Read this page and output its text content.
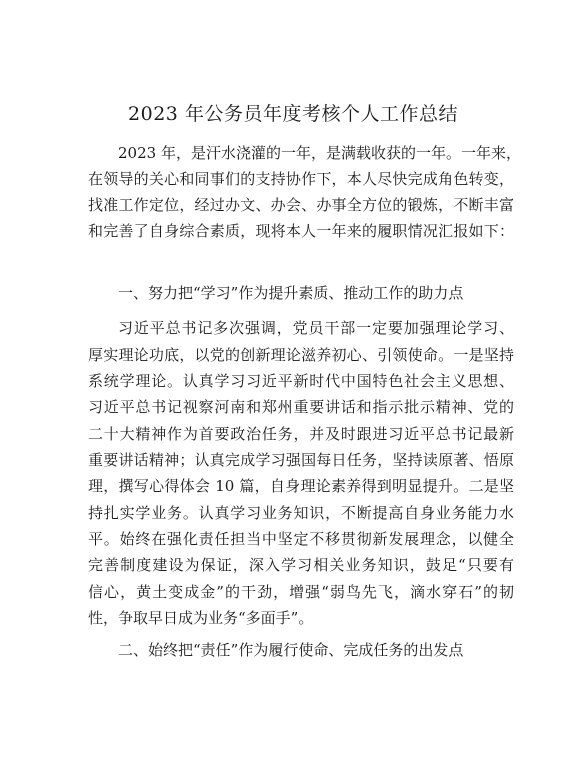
2023 年公务员年度考核个人工作总结
2023 年，是汗水浇灌的一年，是满载收获的一年。一年来，
在领导的关心和同事们的支持协作下，本人尽快完成角色转变，
找准工作定位，经过办文、办会、办事全方位的锻炼，不断丰富
和完善了自身综合素质，现将本人一年来的履职情况汇报如下：
一、努力把“学习”作为提升素质、推动工作的助力点
习近平总书记多次强调，党员干部一定要加强理论学习、
厚实理论功底，以党的创新理论滋养初心、引领使命。一是坚持
系统学理论。认真学习习近平新时代中国特色社会主义思想、
习近平总书记视察河南和郑州重要讲话和指示批示精神、党的
二十大精神作为首要政治任务，并及时跟进习近平总书记最新
重要讲话精神；认真完成学习强国每日任务，坚持读原著、悟原
理，撰写心得体会 10 篇，自身理论素养得到明显提升。二是坚
持扎实学业务。认真学习业务知识，不断提高自身业务能力水
平。始终在强化责任担当中坚定不移贯彻新发展理念，以健全
完善制度建设为保证，深入学习相关业务知识，鼓足“只要有
信心，黄土变成金”的干劲，增强“弱鸟先飞，滴水穿石”的韧
性，争取早日成为业务“多面手”。
二、始终把“责任”作为履行使命、完成任务的出发点
